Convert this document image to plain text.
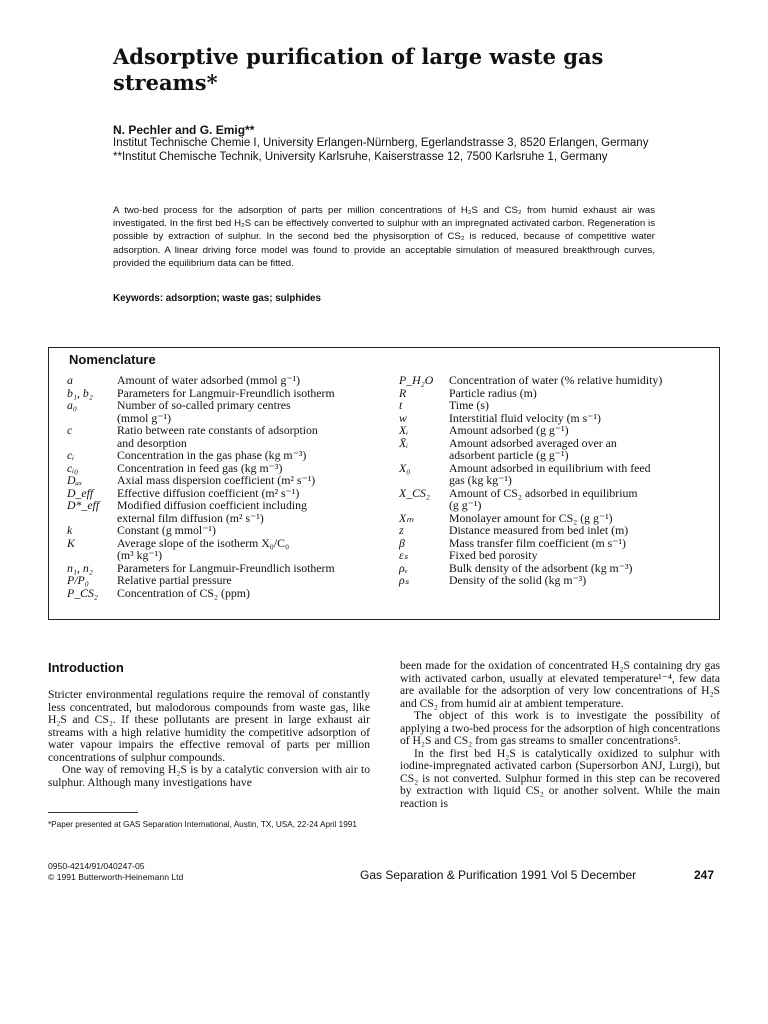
Adsorptive purification of large waste gas streams*
N. Pechler and G. Emig**

Institut Technische Chemie I, University Erlangen-Nürnberg, Egerlandstrasse 3, 8520 Erlangen, Germany

**Institut Chemische Technik, University Karlsruhe, Kaiserstrasse 12, 7500 Karlsruhe 1, Germany

A two-bed process for the adsorption of parts per million concentrations of H₂S and CS₂ from humid exhaust air was investigated. In the first bed H₂S can be effectively converted to sulphur with an impregnated activated carbon. Regeneration is possible by extraction of sulphur. In the second bed the physisorption of CS₂ is reduced, because of competitive water adsorption. A linear driving force model was found to provide an acceptable simulation of measured breakthrough curves, provided the equilibrium data can be fitted.

Keywords: adsorption; waste gas; sulphides
Nomenclature
a	Amount of water adsorbed (mmol g⁻¹)
b₁, b₂	Parameters for Langmuir-Freundlich isotherm
a₀	Number of so-called primary centres
(mmol g⁻¹)
c	Ratio between rate constants of adsorption
and desorption
cᵢ	Concentration in the gas phase (kg m⁻³)
cᵢ₀	Concentration in feed gas (kg m⁻³)
Dₐₓ	Axial mass dispersion coefficient (m² s⁻¹)
D_eff	Effective diffusion coefficient (m² s⁻¹)
D*_eff	Modified diffusion coefficient including
external film diffusion (m² s⁻¹)
k	Constant (g mmol⁻¹)
K	Average slope of the isotherm X₀/C₀
(m³ kg⁻¹)
n₁, n₂	Parameters for Langmuir-Freundlich isotherm
P/P₀	Relative partial pressure
P_CS₂	Concentration of CS₂ (ppm)
P_H₂O	Concentration of water (% relative humidity)
R	Particle radius (m)
t	Time (s)
w	Interstitial fluid velocity (m s⁻¹)
Xᵢ	Amount adsorbed (g g⁻¹)
X̄ᵢ	Amount adsorbed averaged over an
adsorbent particle (g g⁻¹)
X₀	Amount adsorbed in equilibrium with feed
gas (kg kg⁻¹)
X_CS₂	Amount of CS₂ adsorbed in equilibrium
(g g⁻¹)
Xₘ	Monolayer amount for CS₂ (g g⁻¹)
z	Distance measured from bed inlet (m)
β	Mass transfer film coefficient (m s⁻¹)
εₛ	Fixed bed porosity
ρᵥ	Bulk density of the adsorbent (kg m⁻³)
ρₛ	Density of the solid (kg m⁻³)
Introduction

Stricter environmental regulations require the removal of constantly less concentrated, but malodorous compounds from waste gas, like H₂S and CS₂. If these pollutants are present in large exhaust air streams with a high relative humidity the competitive adsorption of water vapour impairs the effective removal of parts per million concentrations of sulphur compounds.

One way of removing H₂S is by a catalytic conversion with air to sulphur. Although many investigations have

*Paper presented at GAS Separation International, Austin, TX, USA, 22-24 April 1991

been made for the oxidation of concentrated H₂S containing dry gas with activated carbon, usually at elevated temperature¹⁻⁴, few data are available for the adsorption of very low concentrations of H₂S and CS₂ from humid air at ambient temperature.

The object of this work is to investigate the possibility of applying a two-bed process for the adsorption of high concentrations of H₂S and CS₂ from gas streams to smaller concentrations⁵.

In the first bed H₂S is catalytically oxidized to sulphur with iodine-impregnated activated carbon (Supersorbon ANJ, Lurgi), but CS₂ is not converted. Sulphur formed in this step can be recovered by extraction with liquid CS₂ or another solvent. While the main reaction is

0950-4214/91/040247-05
© 1991 Butterworth-Heinemann Ltd	Gas Separation & Purification 1991 Vol 5 December	247
